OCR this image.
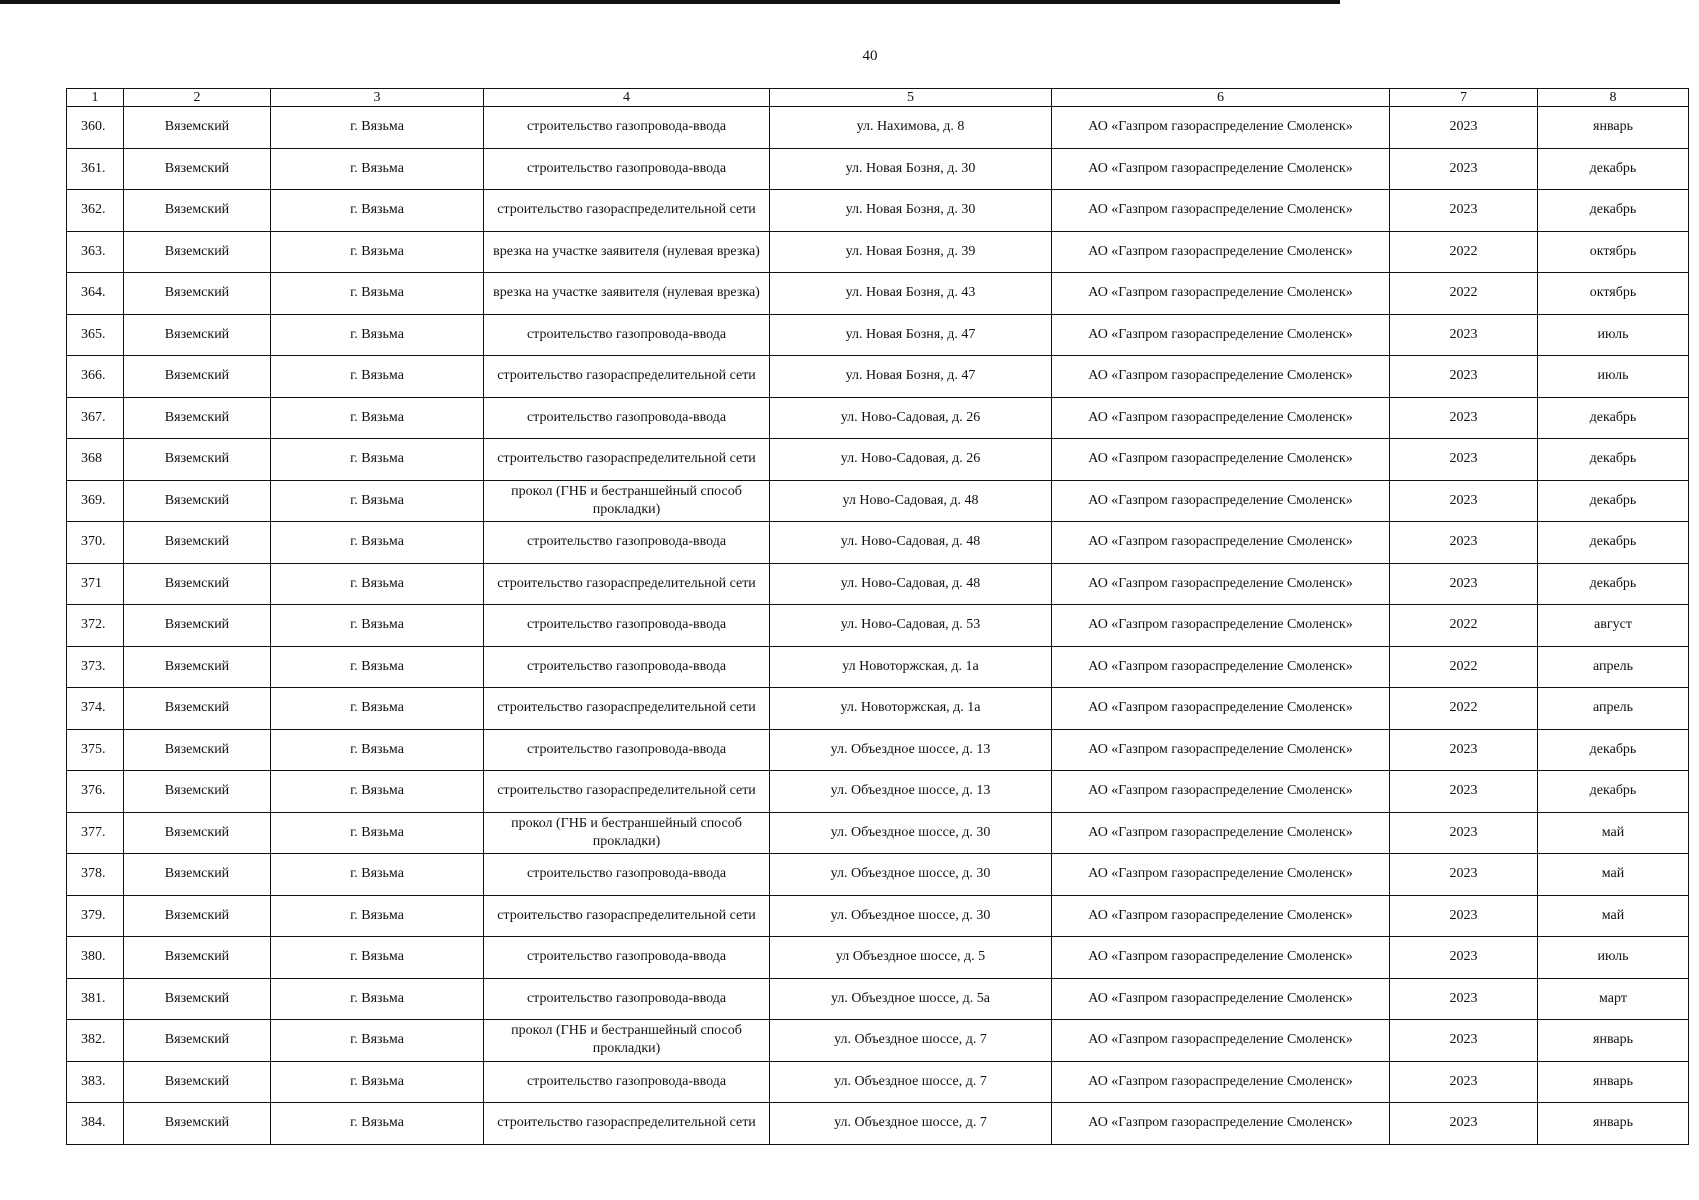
40
1	2	3	4	5	6	7	8
360.	Вяземский	г. Вязьма	строительство газопровода-ввода	ул. Нахимова, д. 8	АО «Газпром газораспределение Смоленск»	2023	январь
361.	Вяземский	г. Вязьма	строительство газопровода-ввода	ул. Новая Бозня, д. 30	АО «Газпром газораспределение Смоленск»	2023	декабрь
362.	Вяземский	г. Вязьма	строительство газораспределительной сети	ул. Новая Бозня, д. 30	АО «Газпром газораспределение Смоленск»	2023	декабрь
363.	Вяземский	г. Вязьма	врезка на участке заявителя (нулевая врезка)	ул. Новая Бозня, д. 39	АО «Газпром газораспределение Смоленск»	2022	октябрь
364.	Вяземский	г. Вязьма	врезка на участке заявителя (нулевая врезка)	ул. Новая Бозня, д. 43	АО «Газпром газораспределение Смоленск»	2022	октябрь
365.	Вяземский	г. Вязьма	строительство газопровода-ввода	ул. Новая Бозня, д. 47	АО «Газпром газораспределение Смоленск»	2023	июль
366.	Вяземский	г. Вязьма	строительство газораспределительной сети	ул. Новая Бозня, д. 47	АО «Газпром газораспределение Смоленск»	2023	июль
367.	Вяземский	г. Вязьма	строительство газопровода-ввода	ул. Ново-Садовая, д. 26	АО «Газпром газораспределение Смоленск»	2023	декабрь
368	Вяземский	г. Вязьма	строительство газораспределительной сети	ул. Ново-Садовая, д. 26	АО «Газпром газораспределение Смоленск»	2023	декабрь
369.	Вяземский	г. Вязьма	прокол (ГНБ и бестраншейный способ прокладки)	ул Ново-Садовая, д. 48	АО «Газпром газораспределение Смоленск»	2023	декабрь
370.	Вяземский	г. Вязьма	строительство газопровода-ввода	ул. Ново-Садовая, д. 48	АО «Газпром газораспределение Смоленск»	2023	декабрь
371	Вяземский	г. Вязьма	строительство газораспределительной сети	ул. Ново-Садовая, д. 48	АО «Газпром газораспределение Смоленск»	2023	декабрь
372.	Вяземский	г. Вязьма	строительство газопровода-ввода	ул. Ново-Садовая, д. 53	АО «Газпром газораспределение Смоленск»	2022	август
373.	Вяземский	г. Вязьма	строительство газопровода-ввода	ул Новоторжская, д. 1а	АО «Газпром газораспределение Смоленск»	2022	апрель
374.	Вяземский	г. Вязьма	строительство газораспределительной сети	ул. Новоторжская, д. 1а	АО «Газпром газораспределение Смоленск»	2022	апрель
375.	Вяземский	г. Вязьма	строительство газопровода-ввода	ул. Объездное шоссе, д. 13	АО «Газпром газораспределение Смоленск»	2023	декабрь
376.	Вяземский	г. Вязьма	строительство газораспределительной сети	ул. Объездное шоссе, д. 13	АО «Газпром газораспределение Смоленск»	2023	декабрь
377.	Вяземский	г. Вязьма	прокол (ГНБ и бестраншейный способ прокладки)	ул. Объездное шоссе, д. 30	АО «Газпром газораспределение Смоленск»	2023	май
378.	Вяземский	г. Вязьма	строительство газопровода-ввода	ул. Объездное шоссе, д. 30	АО «Газпром газораспределение Смоленск»	2023	май
379.	Вяземский	г. Вязьма	строительство газораспределительной сети	ул. Объездное шоссе, д. 30	АО «Газпром газораспределение Смоленск»	2023	май
380.	Вяземский	г. Вязьма	строительство газопровода-ввода	ул Объездное шоссе, д. 5	АО «Газпром газораспределение Смоленск»	2023	июль
381.	Вяземский	г. Вязьма	строительство газопровода-ввода	ул. Объездное шоссе, д. 5а	АО «Газпром газораспределение Смоленск»	2023	март
382.	Вяземский	г. Вязьма	прокол (ГНБ и бестраншейный способ прокладки)	ул. Объездное шоссе, д. 7	АО «Газпром газораспределение Смоленск»	2023	январь
383.	Вяземский	г. Вязьма	строительство газопровода-ввода	ул. Объездное шоссе, д. 7	АО «Газпром газораспределение Смоленск»	2023	январь
384.	Вяземский	г. Вязьма	строительство газораспределительной сети	ул. Объездное шоссе, д. 7	АО «Газпром газораспределение Смоленск»	2023	январь
